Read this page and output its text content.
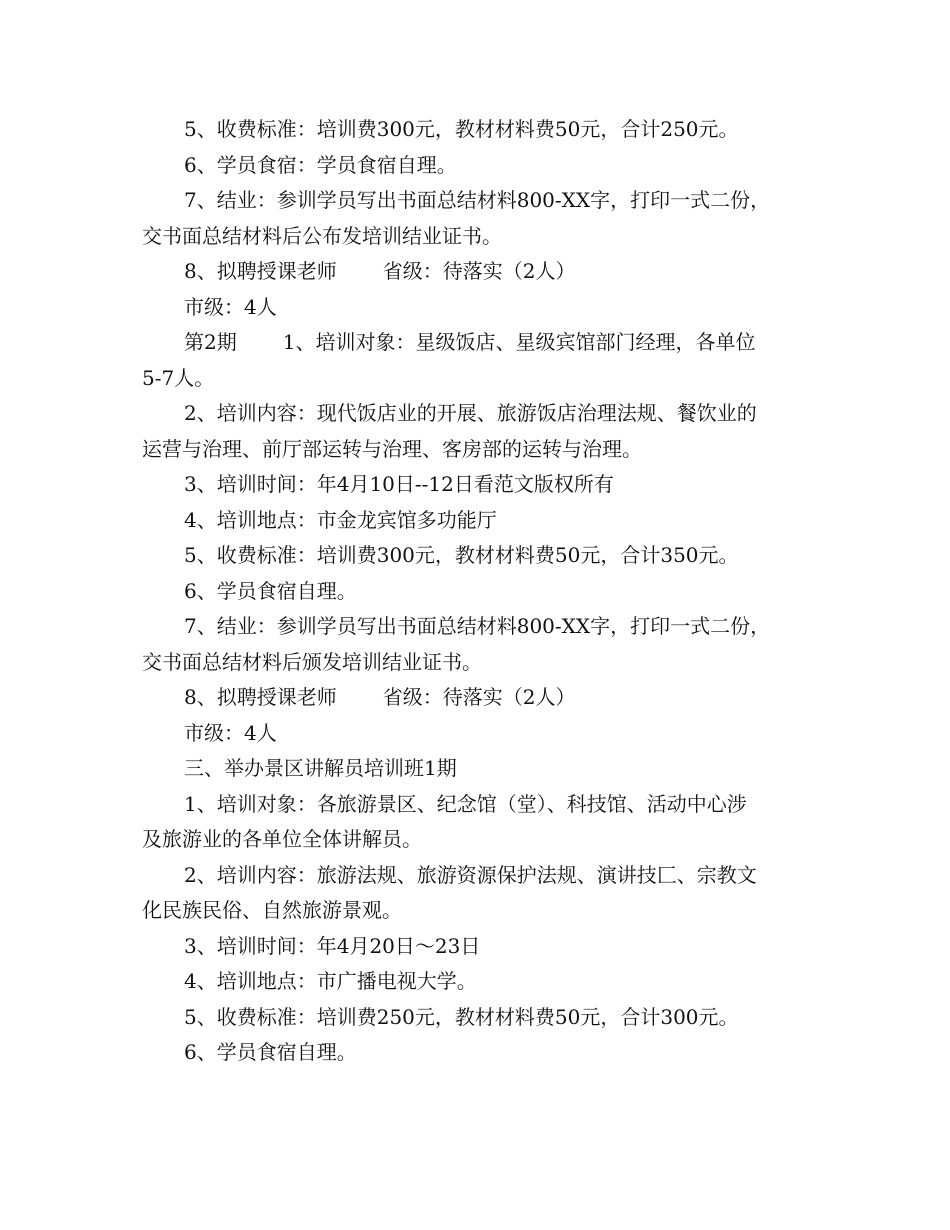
5、收费标准：培训费300元，教材材料费50元，合计250元。

6、学员食宿：学员食宿自理。

7、结业：参训学员写出书面总结材料800-XX字，打印一式二份，

交书面总结材料后公布发培训结业证书。

8、拟聘授课老师 省级：待落实（2人）

市级：4人

第2期 1、培训对象：星级饭店、星级宾馆部门经理，各单位

5-7人。

2、培训内容：现代饭店业的开展、旅游饭店治理法规、餐饮业的

运营与治理、前厅部运转与治理、客房部的运转与治理。

3、培训时间：年4月10日--12日看范文版权所有

4、培训地点：市金龙宾馆多功能厅

5、收费标准：培训费300元，教材材料费50元，合计350元。

6、学员食宿自理。

7、结业：参训学员写出书面总结材料800-XX字，打印一式二份，

交书面总结材料后颁发培训结业证书。

8、拟聘授课老师 省级：待落实（2人）

市级：4人

三、举办景区讲解员培训班1期

1、培训对象：各旅游景区、纪念馆（堂）、科技馆、活动中心涉

及旅游业的各单位全体讲解员。

2、培训内容：旅游法规、旅游资源保护法规、演讲技匚、宗教文

化民族民俗、自然旅游景观。

3、培训时间：年4月20日～23日

4、培训地点：市广播电视大学。

5、收费标准：培训费250元，教材材料费50元，合计300元。

6、学员食宿自理。
